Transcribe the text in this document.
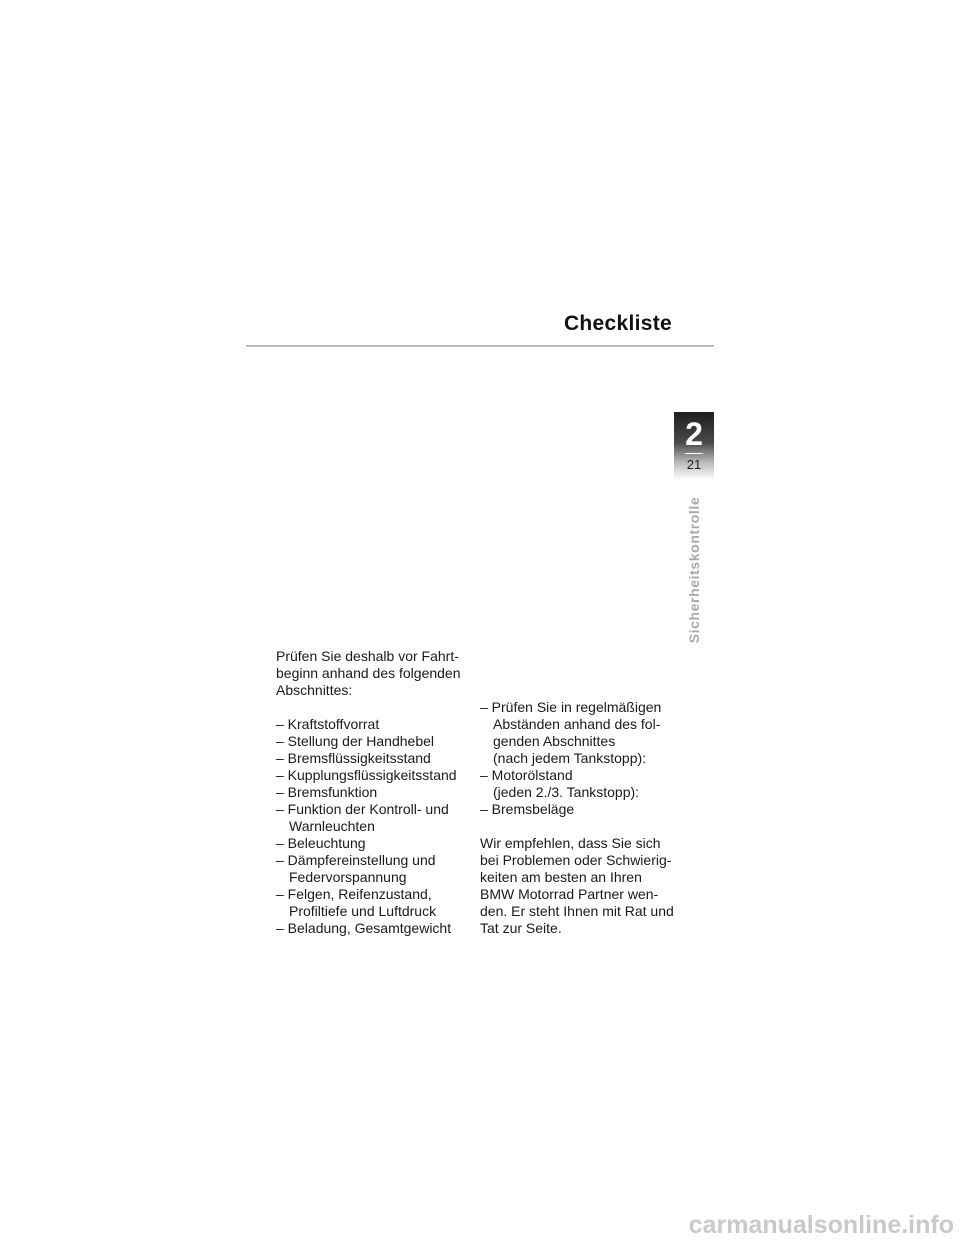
Checkliste
2
21
Sicherheitskontrolle
Prüfen Sie deshalb vor Fahrt-
beginn anhand des folgenden
Abschnittes:
– Kraftstoffvorrat
– Stellung der Handhebel
– Bremsflüssigkeitsstand
– Kupplungsflüssigkeitsstand
– Bremsfunktion
– Funktion der Kontroll- und
Warnleuchten
– Beleuchtung
– Dämpfereinstellung und
Federvorspannung
– Felgen, Reifenzustand,
Profiltiefe und Luftdruck
– Beladung, Gesamtgewicht
– Prüfen Sie in regelmäßigen
Abständen anhand des fol-
genden Abschnittes
(nach jedem Tankstopp):
– Motorölstand
(jeden 2./3. Tankstopp):
– Bremsbeläge
Wir empfehlen, dass Sie sich
bei Problemen oder Schwierig-
keiten am besten an Ihren
BMW Motorrad Partner wen-
den. Er steht Ihnen mit Rat und
Tat zur Seite.
carmanualsonline.info
